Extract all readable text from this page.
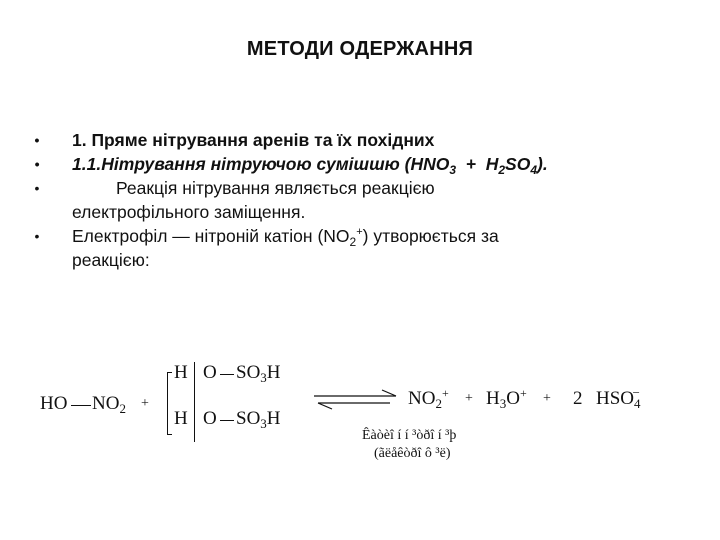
МЕТОДИ ОДЕРЖАННЯ
• 1. Пряме нітрування аренів та їх похідних
• 1.1.Нітрування нітруючою сумішшю $(HNO_3 + H_2SO_4)$.
•	Реакція нітрування являється реакцією
електрофільного заміщення.
• Електрофіл — нітроній катіон $(NO_2^+)$ утворюється за
реакцією:
HO $NO_2$ +
H O $SO_3H$
H O $SO_3H$
$NO_2^+ + H_3O^+ + 2$ $HSO_4^-$
Êàòèî í í ³òðî í ³þ
(ãëåêòðî ô ³ë)
